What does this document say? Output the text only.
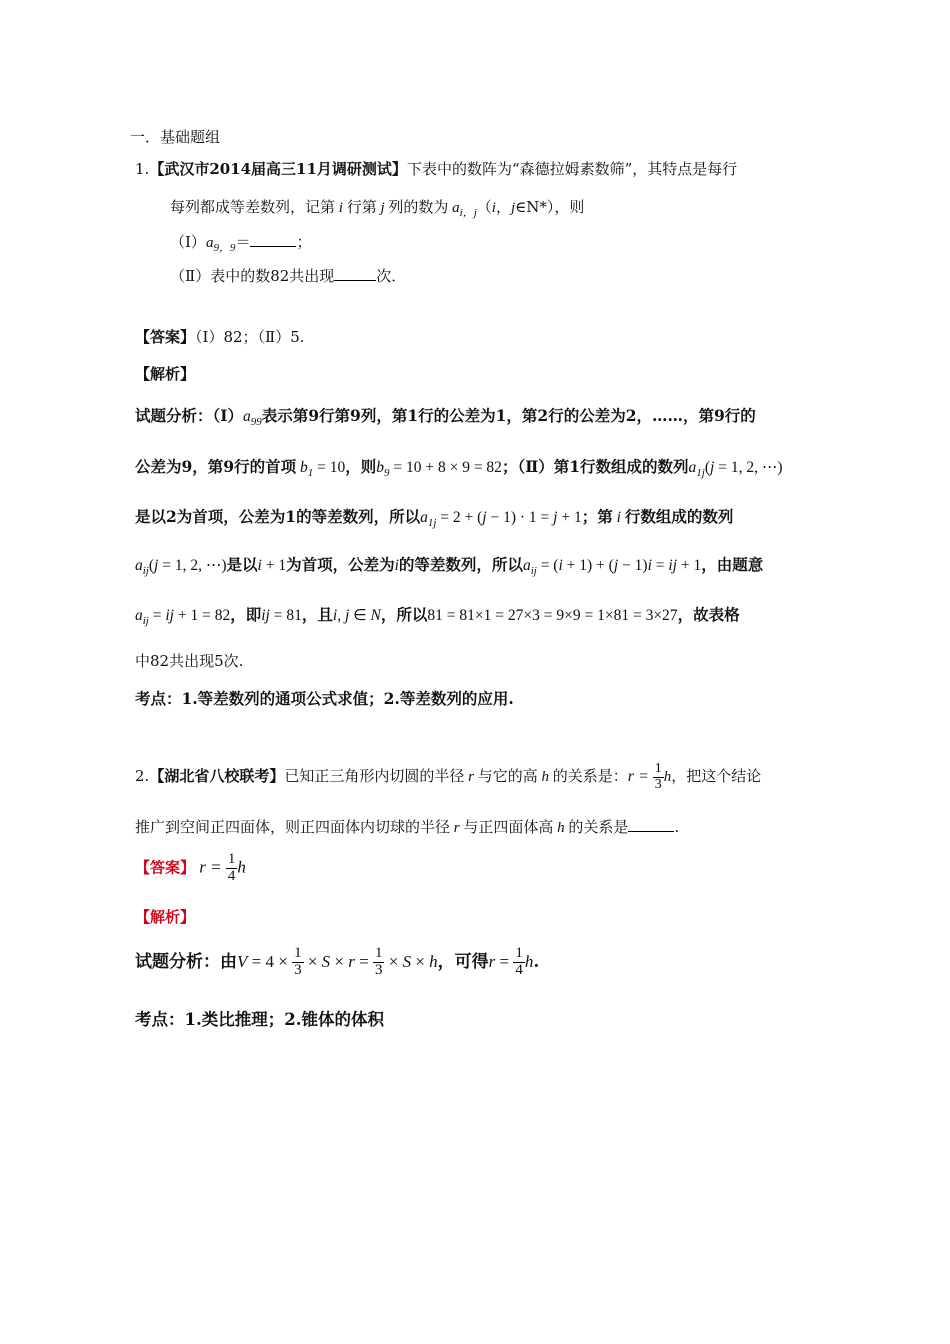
一．基础题组
1.【武汉市2014届高三11月调研测试】下表中的数阵为“森德拉姆素数筛”，其特点是每行
每列都成等差数列，记第 i 行第 j 列的数为 $a_{i,j}(i$，j∈N*），则
$(Ⅰ)a_{9,9}=$	；
（Ⅱ）表中的数82共出现	次．
【答案】（Ⅰ）82；（Ⅱ）5.
【解析】
试题分析：$(Ⅰ)a_{99}$表示第9行第9列，第1行的公差为1，第2行的公差为2，……，第9行的
公差为9，第9行的首项 $b_1 = 10$，则$b_9 = 10 + 8 \times 9 = 82$；（Ⅱ）第1行数组成的数列$a_{1j}(j = 1$, 2, ⋯)
是以2为首项，公差为1的等差数列，所以$a_{1j} = 2 + (j - 1) \cdot 1 = j + 1$；第 i 行数组成的数列
$a_{ij}(j = 1$, 2, ⋯)是以i + 1为首项，公差为i的等差数列，所以$a_{ij} = (i + 1) + (j - 1)i$ = ij + 1，由题意
$a_{ij}$ = ij + 1 = 82，即ij = 81，且i, j ∈ N，所以81 = 81×1 = 27×3 = 9×9 = 1×81 = 3×27，故表格
中82共出现5次.
考点：1.等差数列的通项公式求值；2.等差数列的应用.
2.【湖北省八校联考】已知正三角形内切圆的半径 r 与它的高 h 的关系是：$r = \frac{1}{3}$ h，把这个结论
推广到空间正四面体，则正四面体内切球的半径 r 与正四面体高 h 的关系是	.
【答案】 $r = \frac{1}{4}$ h
【解析】
试题分析：由$V = 4 \times \frac{1}{3} \times S \times r = \frac{1}{3} \times S \times h$，可得$r = \frac{1}{4} h$.
考点：1.类比推理；2.锥体的体积
